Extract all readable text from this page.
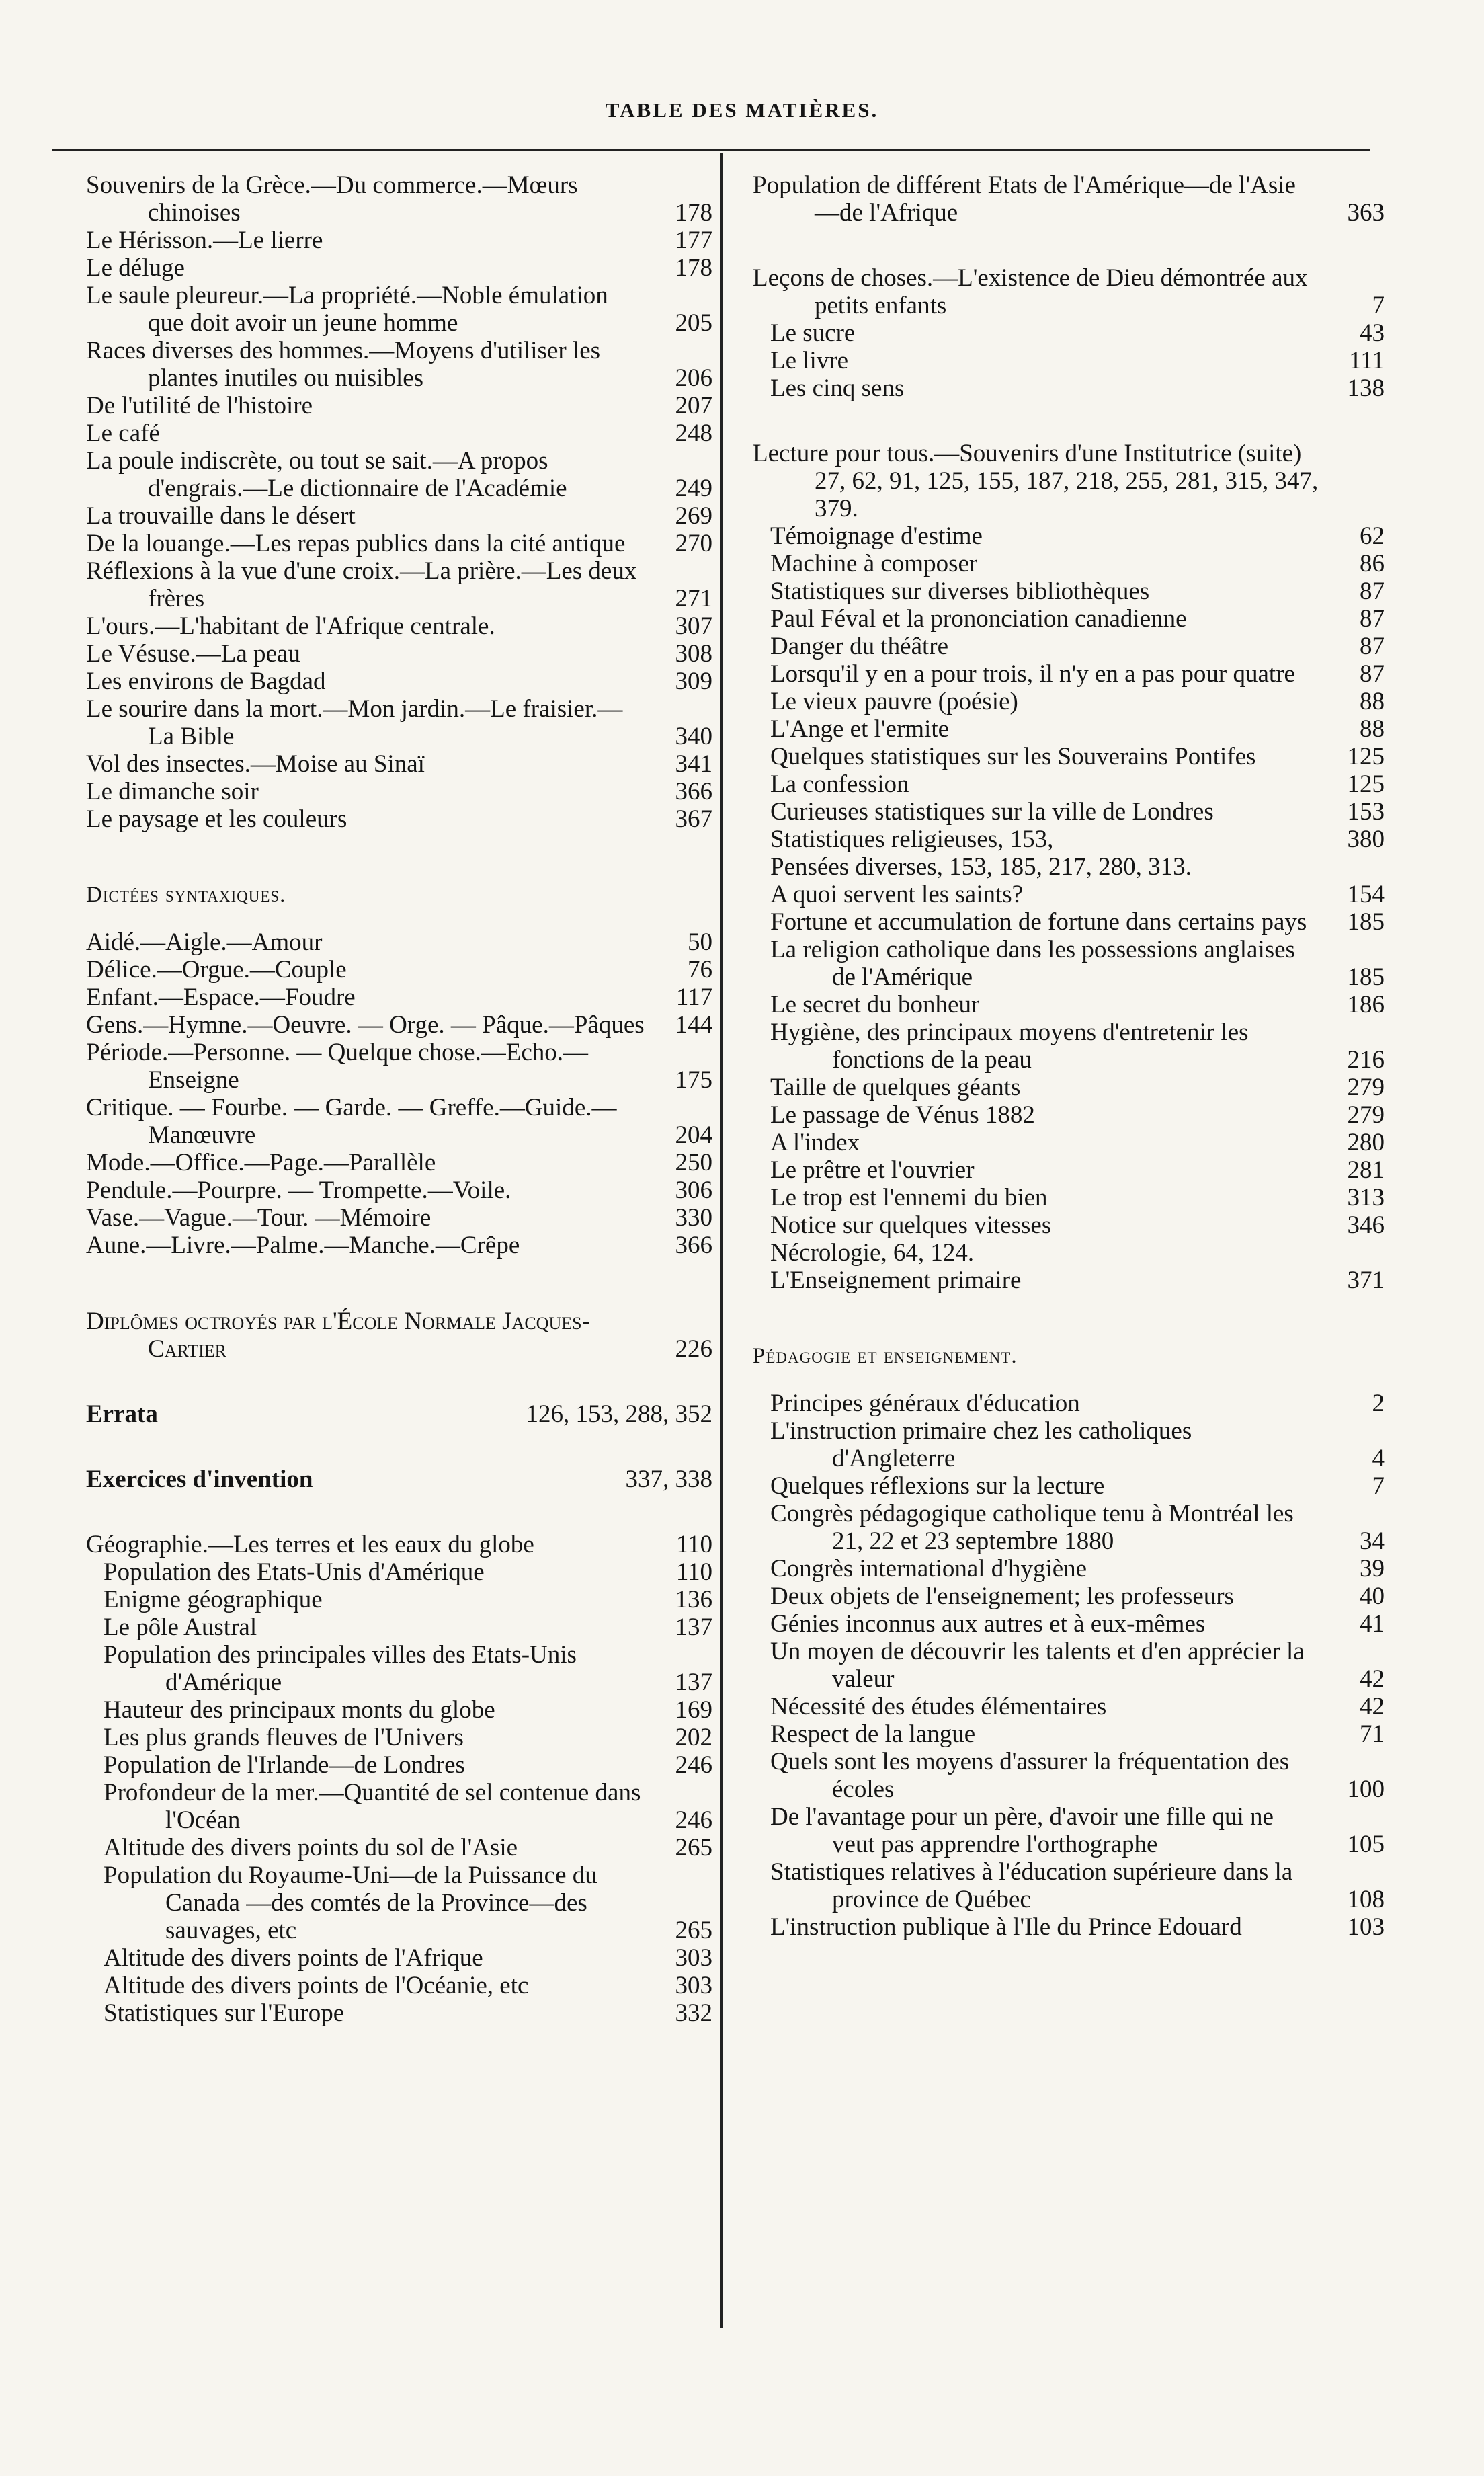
TABLE DES MATIÈRES.
Souvenirs de la Grèce.—Du commerce.—Mœurs chinoises	178
Le Hérisson.—Le lierre	177
Le déluge	178
Le saule pleureur.—La propriété.—Noble émulation que doit avoir un jeune homme	205
Races diverses des hommes.—Moyens d'utiliser les plantes inutiles ou nuisibles	206
De l'utilité de l'histoire	207
Le café	248
La poule indiscrète, ou tout se sait.—A propos d'engrais.—Le dictionnaire de l'Académie	249
La trouvaille dans le désert	269
De la louange.—Les repas publics dans la cité antique	270
Réflexions à la vue d'une croix.—La prière.—Les deux frères	271
L'ours.—L'habitant de l'Afrique centrale.	307
Le Vésuse.—La peau	308
Les environs de Bagdad	309
Le sourire dans la mort.—Mon jardin.—Le fraisier.—La Bible	340
Vol des insectes.—Moise au Sinaï	341
Le dimanche soir	366
Le paysage et les couleurs	367
Dictées syntaxiques.
Aidé.—Aigle.—Amour	50
Délice.—Orgue.—Couple	76
Enfant.—Espace.—Foudre	117
Gens.—Hymne.—Oeuvre. — Orge. — Pâque.—Pâques 144
Période.—Personne. — Quelque chose.—Echo.—Enseigne	175
Critique. — Fourbe. — Garde. — Greffe.—Guide.—Manœuvre	204
Mode.—Office.—Page.—Parallèle	250
Pendule.—Pourpre. — Trompette.—Voile.	306
Vase.—Vague.—Tour. —Mémoire	330
Aune.—Livre.—Palme.—Manche.—Crêpe	366
Diplômes octroyés par l'École Normale Jacques-Cartier	226
Errata	126, 153, 288, 352
Exercices d'invention	337, 338
Géographie.—Les terres et les eaux du globe	110
Population des Etats-Unis d'Amérique	110
Enigme géographique	136
Le pôle Austral	137
Population des principales villes des Etats-Unis d'Amérique	137
Hauteur des principaux monts du globe	169
Les plus grands fleuves de l'Univers	202
Population de l'Irlande—de Londres	246
Profondeur de la mer.—Quantité de sel contenue dans l'Océan	246
Altitude des divers points du sol de l'Asie	265
Population du Royaume-Uni—de la Puissance du Canada —des comtés de la Province—des sauvages, etc	265
Altitude des divers points de l'Afrique	303
Altitude des divers points de l'Océanie, etc	303
Statistiques sur l'Europe	332
Population de différent Etats de l'Amérique—de l'Asie—de l'Afrique	363
Leçons de choses.—L'existence de Dieu démontrée aux petits enfants	7
Le sucre	43
Le livre	111
Les cinq sens	138
Lecture pour tous.—Souvenirs d'une Institutrice (suite) 27, 62, 91, 125, 155, 187, 218, 255, 281, 315, 347, 379.
Témoignage d'estime	62
Machine à composer	86
Statistiques sur diverses bibliothèques	87
Paul Féval et la prononciation canadienne	87
Danger du théâtre	87
Lorsqu'il y en a pour trois, il n'y en a pas pour quatre	87
Le vieux pauvre (poésie)	88
L'Ange et l'ermite	88
Quelques statistiques sur les Souverains Pontifes	125
La confession	125
Curieuses statistiques sur la ville de Londres	153
Statistiques religieuses, 153,	380
Pensées diverses, 153, 185, 217, 280, 313.
A quoi servent les saints?	154
Fortune et accumulation de fortune dans certains pays	185
La religion catholique dans les possessions anglaises de l'Amérique	185
Le secret du bonheur	186
Hygiène, des principaux moyens d'entretenir les fonctions de la peau	216
Taille de quelques géants	279
Le passage de Vénus 1882	279
A l'index	280
Le prêtre et l'ouvrier	281
Le trop est l'ennemi du bien	313
Notice sur quelques vitesses	346
Nécrologie, 64, 124.
L'Enseignement primaire	371
Pédagogie et enseignement.
Principes généraux d'éducation	2
L'instruction primaire chez les catholiques d'Angleterre	4
Quelques réflexions sur la lecture	7
Congrès pédagogique catholique tenu à Montréal les 21, 22 et 23 septembre 1880	34
Congrès international d'hygiène	39
Deux objets de l'enseignement; les professeurs	40
Génies inconnus aux autres et à eux-mêmes	41
Un moyen de découvrir les talents et d'en apprécier la valeur	42
Nécessité des études élémentaires	42
Respect de la langue	71
Quels sont les moyens d'assurer la fréquentation des écoles	100
De l'avantage pour un père, d'avoir une fille qui ne veut pas apprendre l'orthographe	105
Statistiques relatives à l'éducation supérieure dans la province de Québec	108
L'instruction publique à l'Ile du Prince Edouard	103
